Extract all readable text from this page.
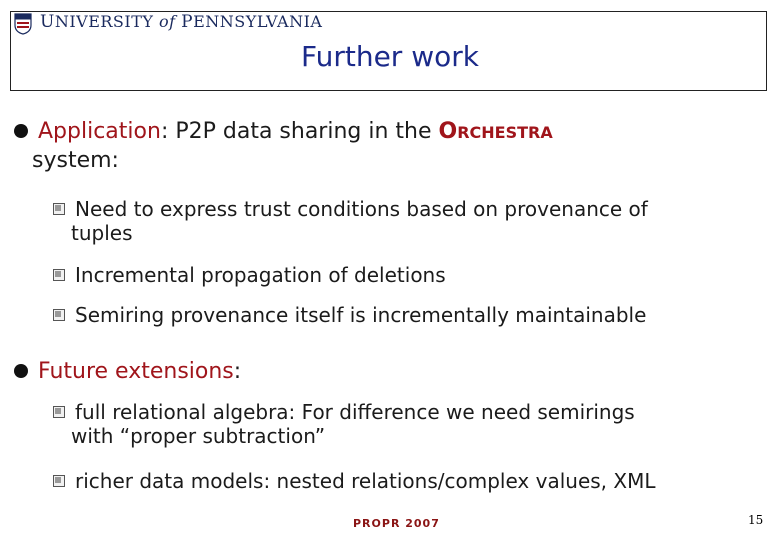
UNIVERSITY of PENNSYLVANIA
Further work
Application: P2P data sharing in the ORCHESTRA
system:
Need to express trust conditions based on provenance of
tuples
Incremental propagation of deletions
Semiring provenance itself is incrementally maintainable
Future extensions:
full relational algebra: For difference we need semirings
with “proper subtraction”
richer data models: nested relations/complex values, XML
PROPR 2007	15
